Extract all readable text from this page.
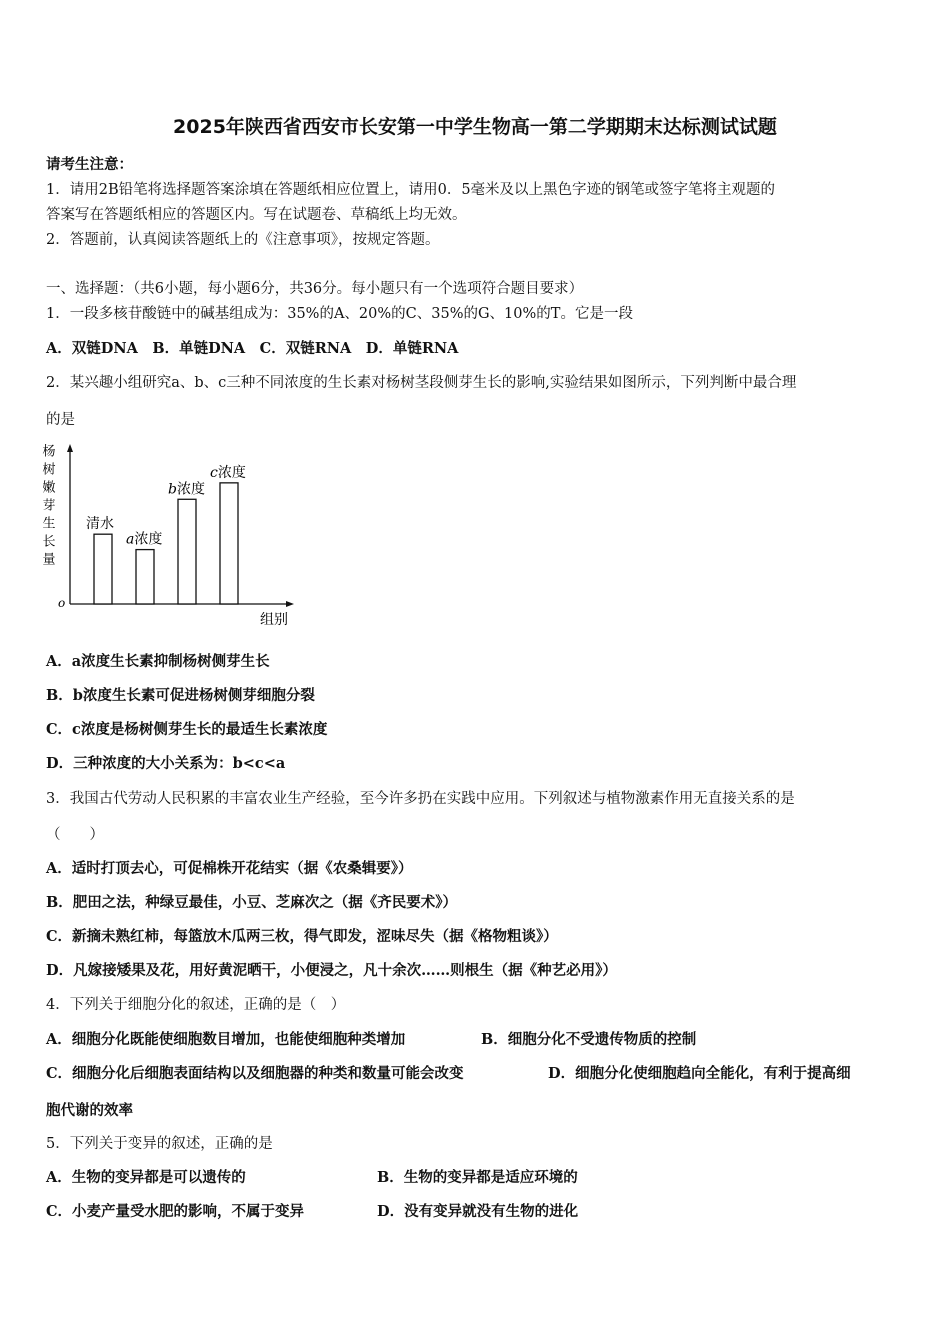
2025年陕西省西安市长安第一中学生物高一第二学期期末达标测试试题
请考生注意：
1．请用2B铅笔将选择题答案涂填在答题纸相应位置上，请用0．5毫米及以上黑色字迹的钢笔或签字笔将主观题的
答案写在答题纸相应的答题区内。写在试题卷、草稿纸上均无效。
2．答题前，认真阅读答题纸上的《注意事项》，按规定答题。
一、选择题：（共6小题，每小题6分，共36分。每小题只有一个选项符合题目要求）
1．一段多核苷酸链中的碱基组成为：35%的A、20%的C、35%的G、10%的T。它是一段
A．双链DNA　B．单链DNA　C．双链RNA　D．单链RNA
2．某兴趣小组研究a、b、c三种不同浓度的生长素对杨树茎段侧芽生长的影响,实验结果如图所示，下列判断中最合理
的是
杨树嫩芽生长量
o
清水
a浓度
b浓度
c浓度
组别
A．a浓度生长素抑制杨树侧芽生长
B．b浓度生长素可促进杨树侧芽细胞分裂
C．c浓度是杨树侧芽生长的最适生长素浓度
D．三种浓度的大小关系为：b<c<a
3．我国古代劳动人民积累的丰富农业生产经验，至今许多扔在实践中应用。下列叙述与植物激素作用无直接关系的是
（　　）
A．适时打顶去心，可促棉株开花结实（据《农桑辑要》）
B．肥田之法，种绿豆最佳，小豆、芝麻次之（据《齐民要术》）
C．新摘未熟红柿，每篮放木瓜两三枚，得气即发，涩味尽失（据《格物粗谈》）
D．凡嫁接矮果及花，用好黄泥晒干，小便浸之，凡十余次……则根生（据《种艺必用》）
4．下列关于细胞分化的叙述，正确的是（　）
A．细胞分化既能使细胞数目增加，也能使细胞种类增加	B．细胞分化不受遗传物质的控制
C．细胞分化后细胞表面结构以及细胞器的种类和数量可能会改变	D．细胞分化使细胞趋向全能化，有利于提高细
胞代谢的效率
5．下列关于变异的叙述，正确的是
A．生物的变异都是可以遗传的	B．生物的变异都是适应环境的
C．小麦产量受水肥的影响，不属于变异	D．没有变异就没有生物的进化
